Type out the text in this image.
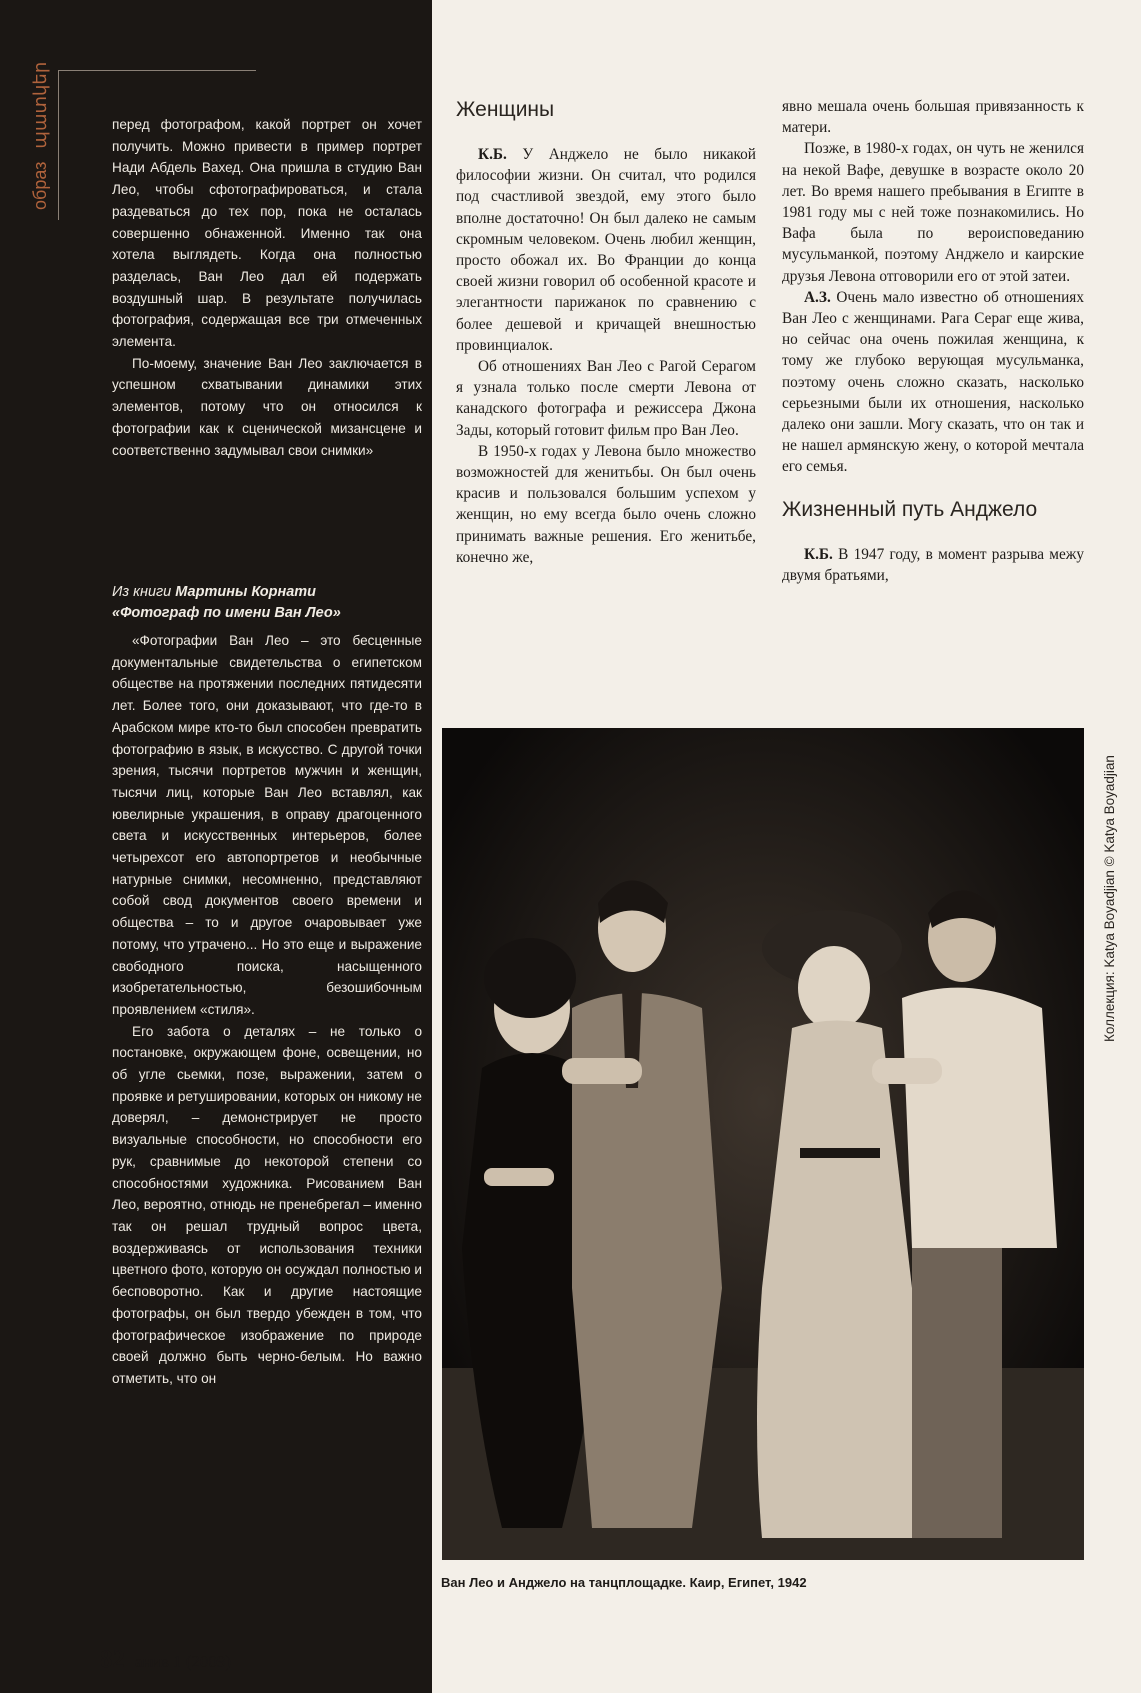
образ պատկեր	перед фотографом, какой портрет он хочет получить. Можно привести в пример портрет Нади Абдель Вахед. Она пришла в студию Ван Лео, чтобы сфотографироваться, и стала раздеваться до тех пор, пока не осталась совершенно обнаженной. Именно так она хотела выглядеть. Когда она полностью разделась, Ван Лео дал ей подержать воздушный шар. В результате получилась фотография, содержащая все три отмеченных элемента.

По-моему, значение Ван Лео заключается в успешном схватывании динамики этих элементов, потому что он относился к фотографии как к сценической мизансцене и соответственно задумывал свои снимки»

Из книги Мартины Корнати
«Фотограф по имени Ван Лео»

«Фотографии Ван Лео – это бесценные документальные свидетельства о египетском обществе на протяжении последних пятидесяти лет. Более того, они доказывают, что где-то в Арабском мире кто-то был способен превратить фотографию в язык, в искусство. С другой точки зрения, тысячи портретов мужчин и женщин, тысячи лиц, которые Ван Лео вставлял, как ювелирные украшения, в оправу драгоценного света и искусственных интерьеров, более четырехсот его автопортретов и необычные натурные снимки, несомненно, представляют собой свод документов своего времени и общества – то и другое очаровывает уже потому, что утрачено... Но это еще и выражение свободного поиска, насыщенного изобретательностью, безошибочным проявлением «стиля».

Его забота о деталях – не только о постановке, окружающем фоне, освещении, но об угле сьемки, позе, выражении, затем о проявке и ретушировании, которых он никому не доверял, – демонстрирует не просто визуальные способности, но способности его рук, сравнимые до некоторой степени со способностями художника. Рисованием Ван Лео, вероятно, отнюдь не пренебрегал – именно так он решал трудный вопрос цвета, воздерживаясь от использования техники цветного фото, которую он осуждал полностью и бесповоротно. Как и другие настоящие фотографы, он был твердо убежден в том, что фотографическое изображение по природе своей должно быть черно-белым. Но важно отметить, что он

82 анив 1 (2009)
Женщины

К.Б. У Анджело не было никакой философии жизни. Он считал, что родился под счастливой звездой, ему этого было вполне достаточно! Он был далеко не самым скромным человеком. Очень любил женщин, просто обожал их. Во Франции до конца своей жизни говорил об особенной красоте и элегантности парижанок по сравнению с более дешевой и кричащей внешностью провинциалок.

Об отношениях Ван Лео с Рагой Серагом я узнала только после смерти Левона от канадского фотографа и режиссера Джона Зады, который готовит фильм про Ван Лео.

В 1950-х годах у Левона было множество возможностей для женитьбы. Он был очень красив и пользовался большим успехом у женщин, но ему всегда было очень сложно принимать важные решения. Его женитьбе, конечно же,

явно мешала очень большая привязанность к матери.

Позже, в 1980-х годах, он чуть не женился на некой Вафе, девушке в возрасте около 20 лет. Во время нашего пребывания в Египте в 1981 году мы с ней тоже познакомились. Но Вафа была по вероисповеданию мусульманкой, поэтому Анджело и каирские друзья Левона отговорили его от этой затеи.

А.З. Очень мало известно об отношениях Ван Лео с женщинами. Рага Сераг еще жива, но сейчас она очень пожилая женщина, к тому же глубоко верующая мусульманка, поэтому очень сложно сказать, насколько серьезными были их отношения, насколько далеко они зашли. Могу сказать, что он так и не нашел армянскую жену, о которой мечтала его семья.

Жизненный путь Анджело

К.Б. В 1947 году, в момент разрыва межу двумя братьями,

Коллекция: Katya Boyadjian © Katya Boyadjian
Ван Лео и Анджело на танцплощадке. Каир, Египет, 1942
